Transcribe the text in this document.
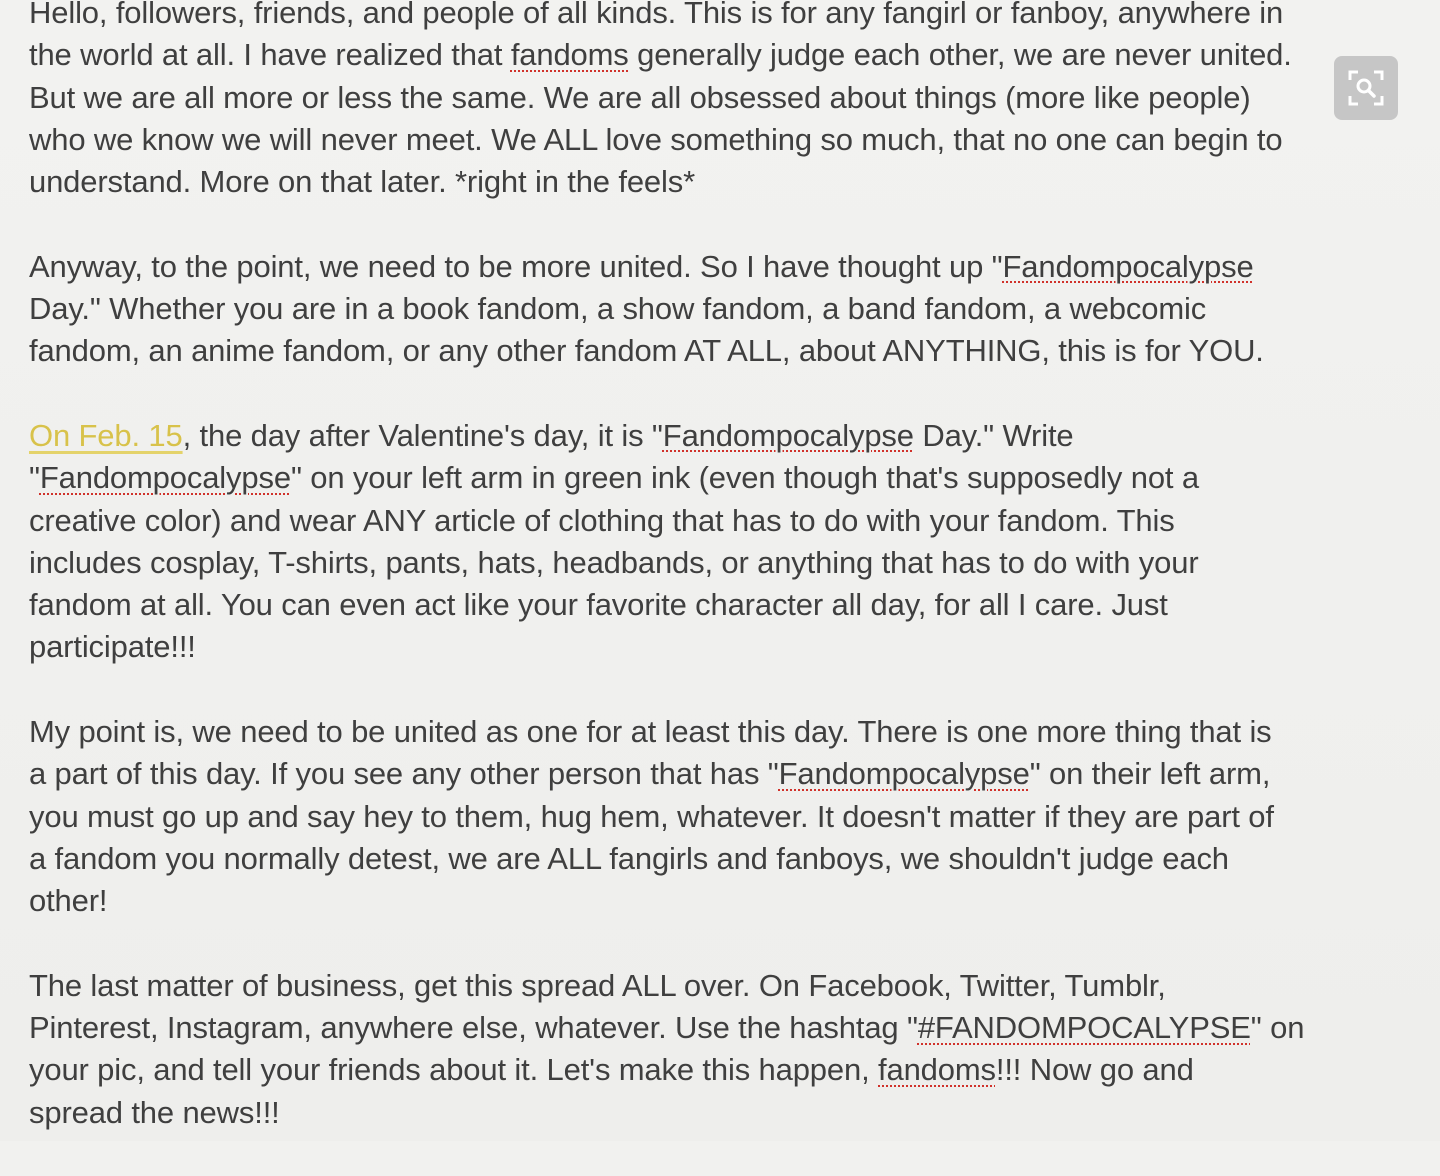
Hello, followers, friends, and people of all kinds. This is for any fangirl or fanboy, anywhere in
the world at all. I have realized that fandoms generally judge each other, we are never united.
But we are all more or less the same. We are all obsessed about things (more like people)
who we know we will never meet. We ALL love something so much, that no one can begin to
understand. More on that later. *right in the feels*

Anyway, to the point, we need to be more united. So I have thought up "Fandompocalypse
Day." Whether you are in a book fandom, a show fandom, a band fandom, a webcomic
fandom, an anime fandom, or any other fandom AT ALL, about ANYTHING, this is for YOU.

On Feb. 15, the day after Valentine's day, it is "Fandompocalypse Day." Write
"Fandompocalypse" on your left arm in green ink (even though that's supposedly not a
creative color) and wear ANY article of clothing that has to do with your fandom. This
includes cosplay, T-shirts, pants, hats, headbands, or anything that has to do with your
fandom at all. You can even act like your favorite character all day, for all I care. Just
participate!!!

My point is, we need to be united as one for at least this day. There is one more thing that is
a part of this day. If you see any other person that has "Fandompocalypse" on their left arm,
you must go up and say hey to them, hug hem, whatever. It doesn't matter if they are part of
a fandom you normally detest, we are ALL fangirls and fanboys, we shouldn't judge each
other!

The last matter of business, get this spread ALL over. On Facebook, Twitter, Tumblr,
Pinterest, Instagram, anywhere else, whatever. Use the hashtag "#FANDOMPOCALYPSE" on
your pic, and tell your friends about it. Let's make this happen, fandoms!!! Now go and
spread the news!!!
